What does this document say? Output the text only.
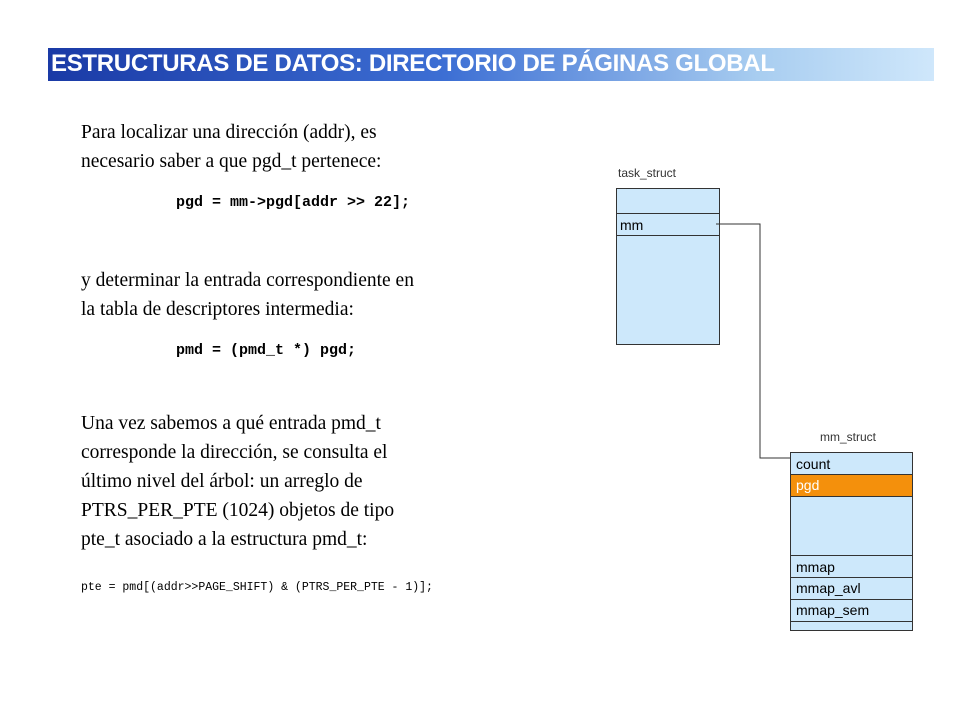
ESTRUCTURAS DE DATOS: DIRECTORIO DE PÁGINAS GLOBAL
Para localizar una dirección (addr), es
necesario saber a que pgd_t pertenece:
pgd = mm->pgd[addr >> 22];
y determinar la entrada correspondiente en
la tabla de descriptores intermedia:
pmd = (pmd_t *) pgd;
Una vez sabemos a qué entrada pmd_t
corresponde la dirección, se consulta el
último nivel del árbol: un arreglo de
PTRS_PER_PTE (1024) objetos de tipo
pte_t asociado a la estructura pmd_t:
pte = pmd[(addr>>PAGE_SHIFT) & (PTRS_PER_PTE - 1)];
task_struct
mm
mm_struct
count
pgd
mmap
mmap_avl
mmap_sem
